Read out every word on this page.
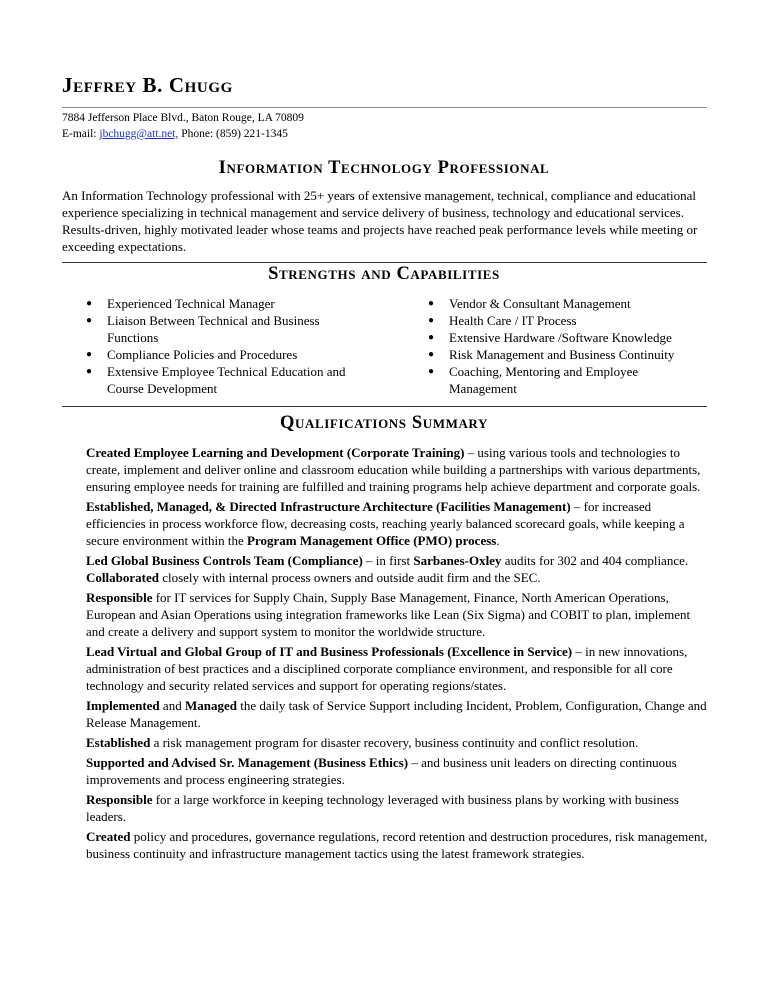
Jeffrey B. Chugg
7884 Jefferson Place Blvd., Baton Rouge, LA 70809
E-mail: jbchugg@att.net, Phone: (859) 221-1345
Information Technology Professional
An Information Technology professional with 25+ years of extensive management, technical, compliance and educational experience specializing in technical management and service delivery of business, technology and educational services. Results-driven, highly motivated leader whose teams and projects have reached peak performance levels while meeting or exceeding expectations.
Strengths and Capabilities
● Experienced Technical Manager
● Liaison Between Technical and Business Functions
● Compliance Policies and Procedures
● Extensive Employee Technical Education and Course Development
● Vendor & Consultant Management
● Health Care / IT Process
● Extensive Hardware /Software Knowledge
● Risk Management and Business Continuity
● Coaching, Mentoring and Employee Management
Qualifications Summary

Created Employee Learning and Development (Corporate Training) – using various tools and technologies to create, implement and deliver online and classroom education while building a partnerships with various departments, ensuring employee needs for training are fulfilled and training programs help achieve department and corporate goals.

Established, Managed, & Directed Infrastructure Architecture (Facilities Management) – for increased efficiencies in process workforce flow, decreasing costs, reaching yearly balanced scorecard goals, while keeping a secure environment within the Program Management Office (PMO) process.

Led Global Business Controls Team (Compliance) – in first Sarbanes-Oxley audits for 302 and 404 compliance. Collaborated closely with internal process owners and outside audit firm and the SEC.

Responsible for IT services for Supply Chain, Supply Base Management, Finance, North American Operations, European and Asian Operations using integration frameworks like Lean (Six Sigma) and COBIT to plan, implement and create a delivery and support system to monitor the worldwide structure.

Lead Virtual and Global Group of IT and Business Professionals (Excellence in Service) – in new innovations, administration of best practices and a disciplined corporate compliance environment, and responsible for all core technology and security related services and support for operating regions/states.

Implemented and Managed the daily task of Service Support including Incident, Problem, Configuration, Change and Release Management.

Established a risk management program for disaster recovery, business continuity and conflict resolution.

Supported and Advised Sr. Management (Business Ethics) – and business unit leaders on directing continuous improvements and process engineering strategies.

Responsible for a large workforce in keeping technology leveraged with business plans by working with business leaders.

Created policy and procedures, governance regulations, record retention and destruction procedures, risk management, business continuity and infrastructure management tactics using the latest framework strategies.
